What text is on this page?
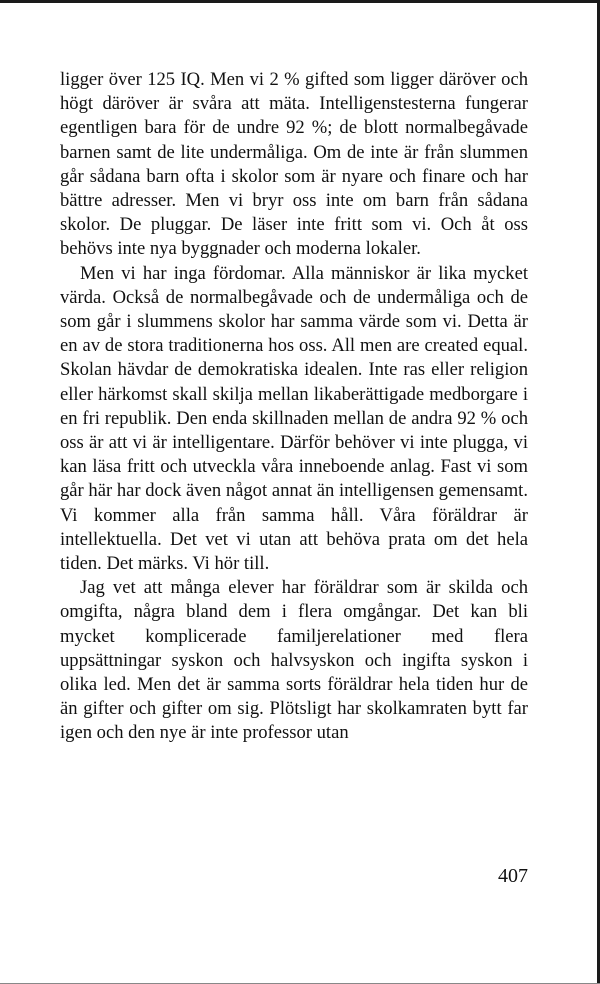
ligger över 125 IQ. Men vi 2 % gifted som ligger däröver och högt däröver är svåra att mäta. Intelligenstesterna fungerar egentligen bara för de undre 92 %; de blott normalbegåvade barnen samt de lite undermåliga. Om de inte är från slummen går sådana barn ofta i skolor som är nyare och finare och har bättre adresser. Men vi bryr oss inte om barn från sådana skolor. De pluggar. De läser inte fritt som vi. Och åt oss behövs inte nya byggnader och moderna lokaler.

Men vi har inga fördomar. Alla människor är lika mycket värda. Också de normalbegåvade och de undermåliga och de som går i slummens skolor har samma värde som vi. Detta är en av de stora traditionerna hos oss. All men are created equal. Skolan hävdar de demokratiska idealen. Inte ras eller religion eller härkomst skall skilja mellan likaberättigade medborgare i en fri republik. Den enda skillnaden mellan de andra 92 % och oss är att vi är intelligentare. Därför behöver vi inte plugga, vi kan läsa fritt och utveckla våra inneboende anlag. Fast vi som går här har dock även något annat än intelligensen gemensamt. Vi kommer alla från samma håll. Våra föräldrar är intellektuella. Det vet vi utan att behöva prata om det hela tiden. Det märks. Vi hör till.

Jag vet att många elever har föräldrar som är skilda och omgifta, några bland dem i flera omgångar. Det kan bli mycket komplicerade familjerelationer med flera uppsättningar syskon och halvsyskon och ingifta syskon i olika led. Men det är samma sorts föräldrar hela tiden hur de än gifter och gifter om sig. Plötsligt har skolkamraten bytt far igen och den nye är inte professor utan

407
